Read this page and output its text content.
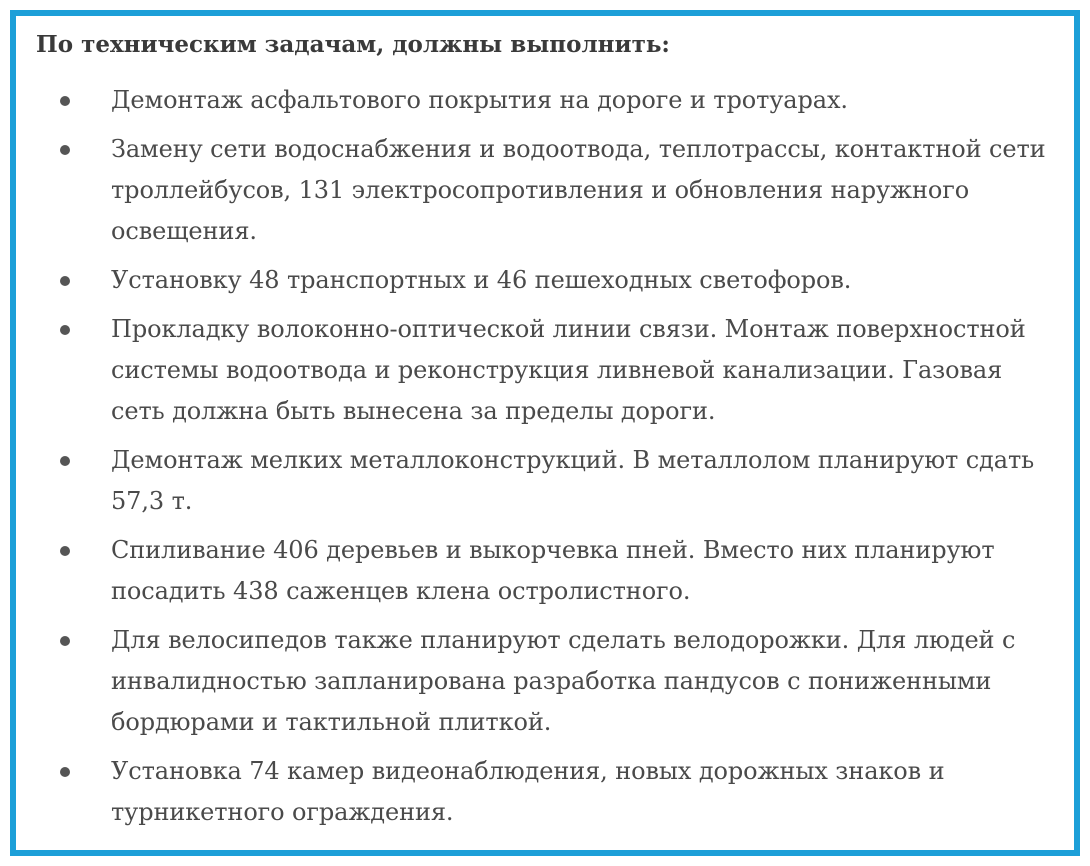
По техническим задачам, должны выполнить:

Демонтаж асфальтового покрытия на дороге и тротуарах.
Замену сети водоснабжения и водоотвода, теплотрассы, контактной сети троллейбусов, 131 электросопротивления и обновления наружного освещения.
Установку 48 транспортных и 46 пешеходных светофоров.
Прокладку волоконно-оптической линии связи. Монтаж поверхностной системы водоотвода и реконструкция ливневой канализации. Газовая сеть должна быть вынесена за пределы дороги.
Демонтаж мелких металлоконструкций. В металлолом планируют сдать 57,3 т.
Спиливание 406 деревьев и выкорчевка пней. Вместо них планируют посадить 438 саженцев клена остролистного.
Для велосипедов также планируют сделать велодорожки. Для людей с инвалидностью запланирована разработка пандусов с пониженными бордюрами и тактильной плиткой.
Установка 74 камер видеонаблюдения, новых дорожных знаков и турникетного ограждения.
